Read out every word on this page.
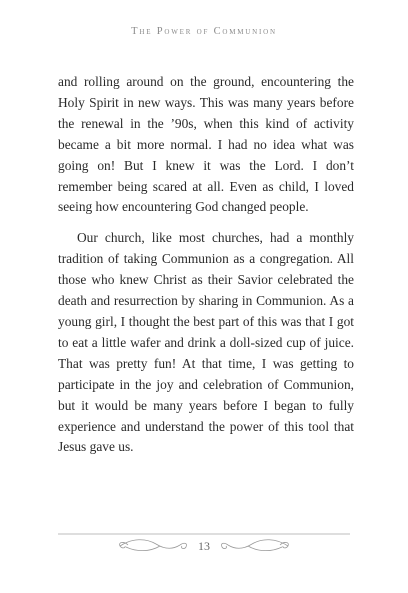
The Power of Communion

and rolling around on the ground, encountering the Holy Spirit in new ways. This was many years before the renewal in the ’90s, when this kind of activity became a bit more normal. I had no idea what was going on! But I knew it was the Lord. I don’t remember being scared at all. Even as child, I loved seeing how encountering God changed people.

Our church, like most churches, had a monthly tradition of taking Communion as a congregation. All those who knew Christ as their Savior celebrated the death and resurrection by sharing in Communion. As a young girl, I thought the best part of this was that I got to eat a little wafer and drink a doll-sized cup of juice. That was pretty fun! At that time, I was getting to participate in the joy and celebration of Communion, but it would be many years before I began to fully experience and understand the power of this tool that Jesus gave us.

13
